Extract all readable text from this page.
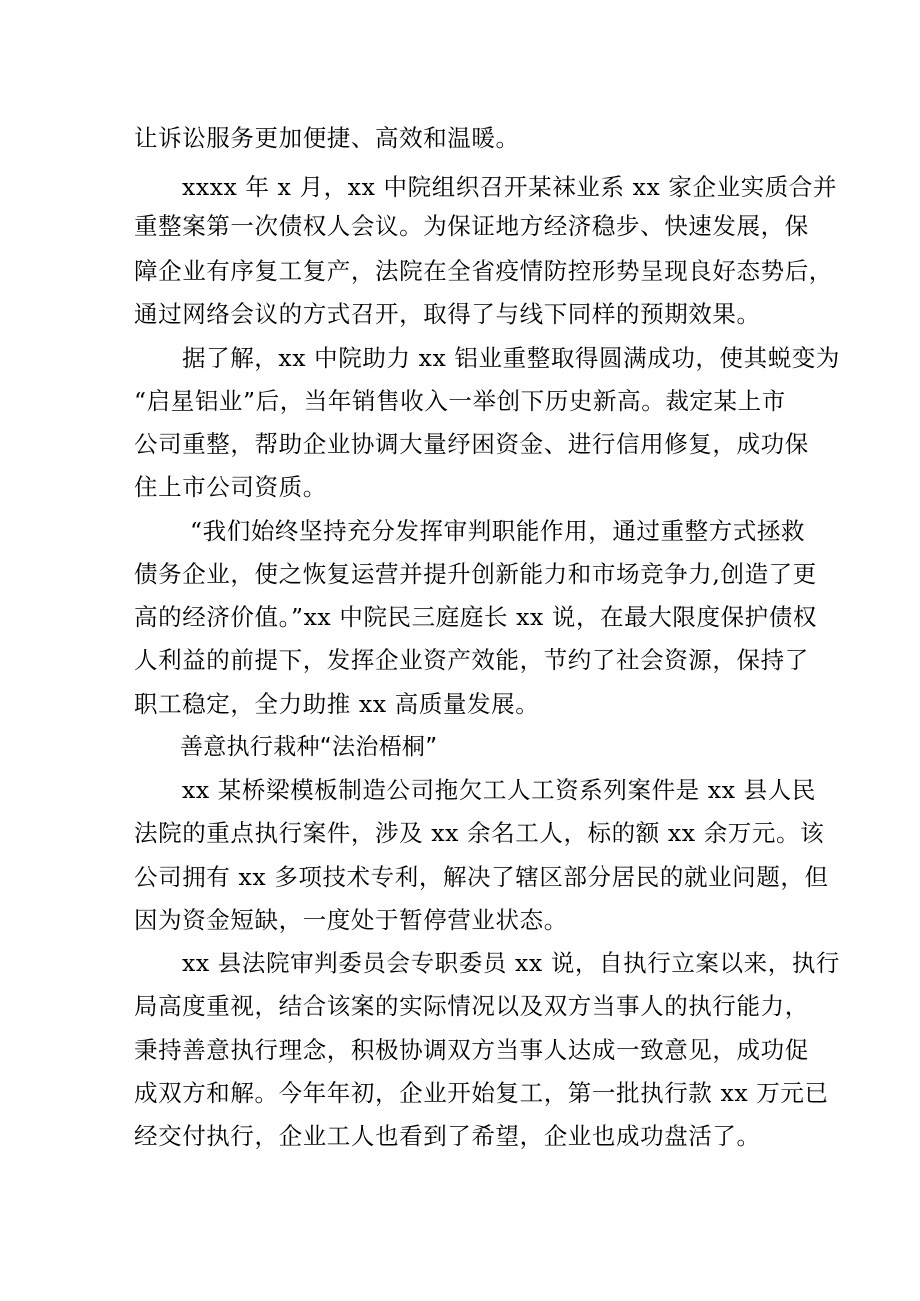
让诉讼服务更加便捷、高效和温暖。
xxxx 年 x 月，xx 中院组织召开某袜业系 xx 家企业实质合并
重整案第一次债权人会议。为保证地方经济稳步、快速发展，保
障企业有序复工复产，法院在全省疫情防控形势呈现良好态势后，
通过网络会议的方式召开，取得了与线下同样的预期效果。
据了解，xx 中院助力 xx 铝业重整取得圆满成功，使其蜕变为
“启星铝业”后，当年销售收入一举创下历史新高。裁定某上市
公司重整，帮助企业协调大量纾困资金、进行信用修复，成功保
住上市公司资质。
“我们始终坚持充分发挥审判职能作用，通过重整方式拯救
债务企业，使之恢复运营并提升创新能力和市场竞争力,创造了更
高的经济价值。”xx 中院民三庭庭长 xx 说，在最大限度保护债权
人利益的前提下，发挥企业资产效能，节约了社会资源，保持了
职工稳定，全力助推 xx 高质量发展。
善意执行栽种“法治梧桐”
xx 某桥梁模板制造公司拖欠工人工资系列案件是 xx 县人民
法院的重点执行案件，涉及 xx 余名工人，标的额 xx 余万元。该
公司拥有 xx 多项技术专利，解决了辖区部分居民的就业问题，但
因为资金短缺，一度处于暂停营业状态。
xx 县法院审判委员会专职委员 xx 说，自执行立案以来，执行
局高度重视，结合该案的实际情况以及双方当事人的执行能力，
秉持善意执行理念，积极协调双方当事人达成一致意见，成功促
成双方和解。今年年初，企业开始复工，第一批执行款 xx 万元已
经交付执行，企业工人也看到了希望，企业也成功盘活了。
